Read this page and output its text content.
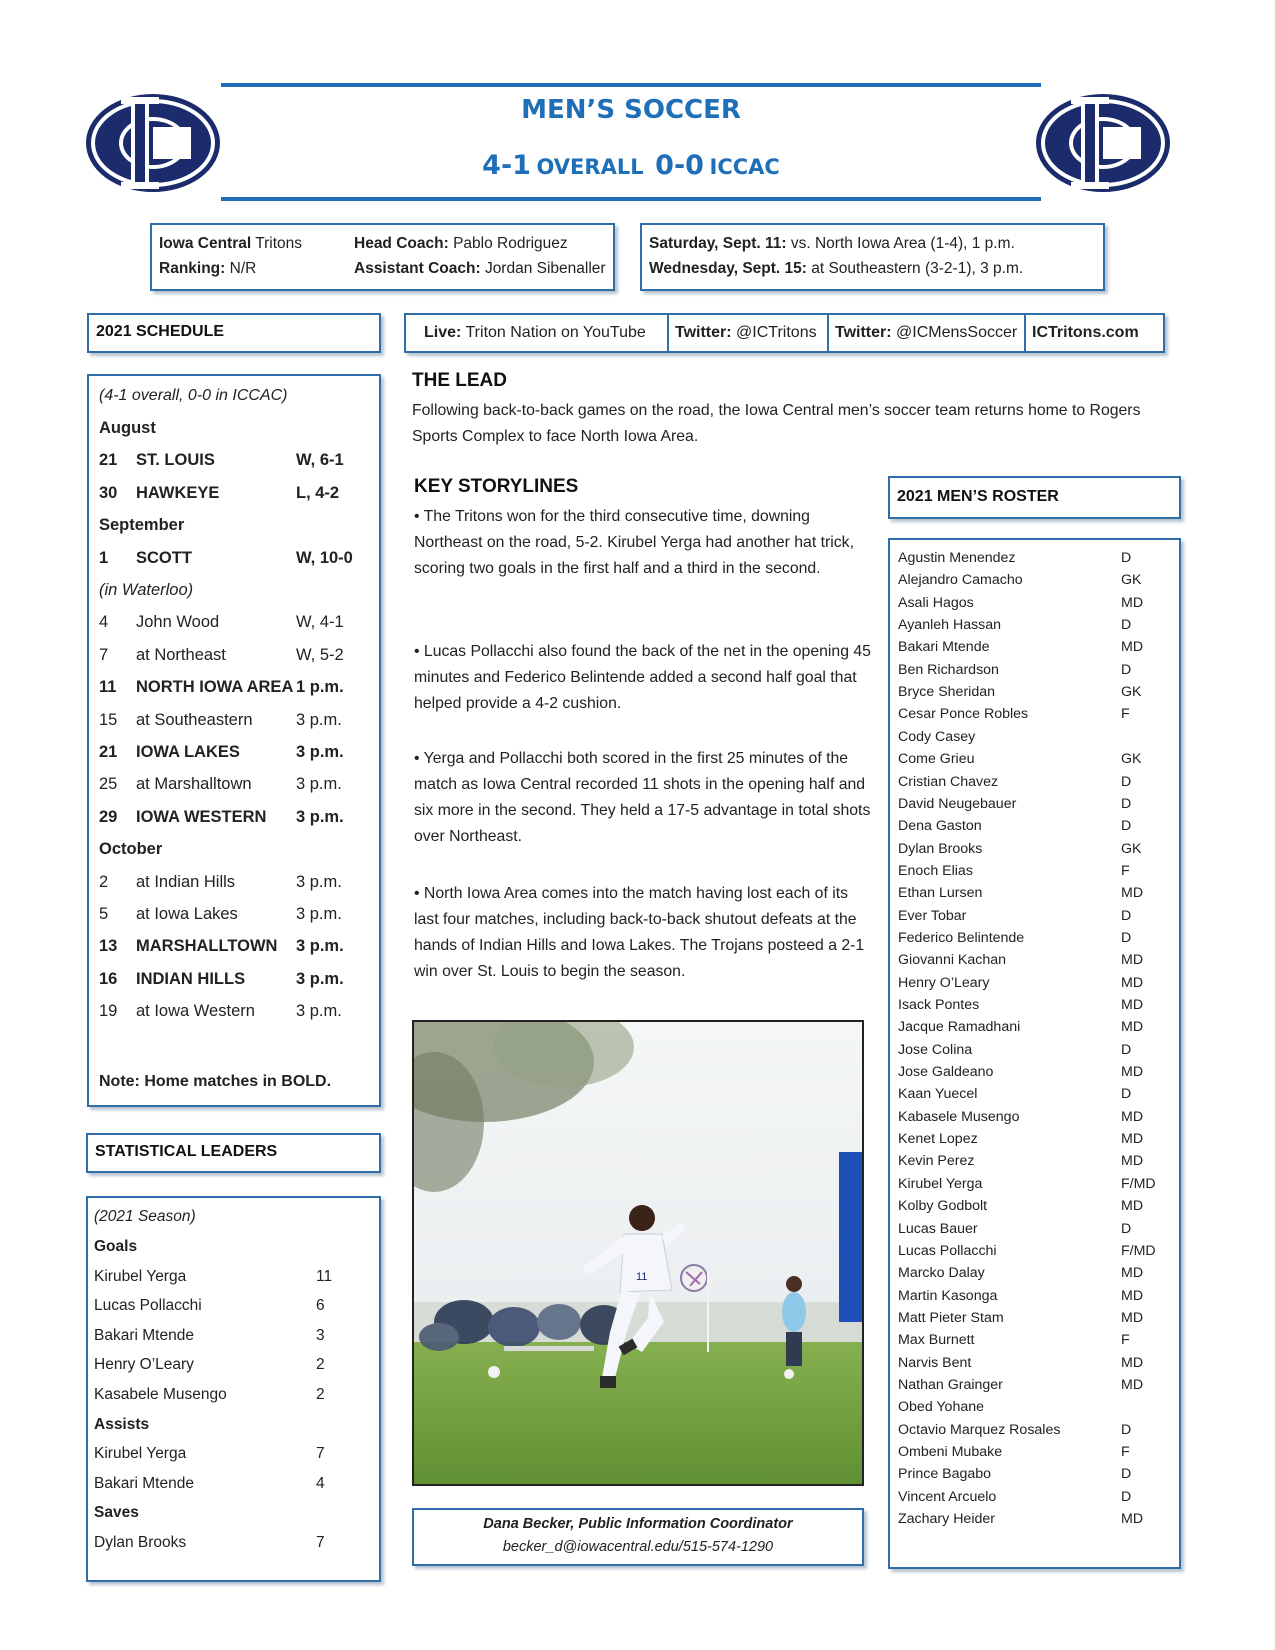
MEN’S SOCCER
4-1 OVERALL 0-0 ICCAC
Iowa Central Tritons
Ranking: N/R
Head Coach: Pablo Rodriguez
Assistant Coach: Jordan Sibenaller
Saturday, Sept. 11: vs. North Iowa Area (1-4), 1 p.m.
Wednesday, Sept. 15: at Southeastern (3-2-1), 3 p.m.
Live: Triton Nation on YouTube	Twitter: @ICTritons	Twitter: @ICMensSoccer ICTritons.com
2021 SCHEDULE
(4-1 overall, 0-0 in ICCAC)
August
21 ST. LOUIS	W, 6-1
30 HAWKEYE	L, 4-2
September
1 SCOTT	W, 10-0
(in Waterloo)
4 John Wood	W, 4-1
7 at Northeast	W, 5-2
11 NORTH IOWA AREA 1 p.m.
15 at Southeastern	3 p.m.
21 IOWA LAKES	3 p.m.
25 at Marshalltown	3 p.m.
29 IOWA WESTERN 3 p.m.
October
2 at Indian Hills	3 p.m.
5 at Iowa Lakes	3 p.m.
13 MARSHALLTOWN 3 p.m.
16 INDIAN HILLS	3 p.m.
19 at Iowa Western 3 p.m.
Note: Home matches in BOLD.
STATISTICAL LEADERS
(2021 Season)
Goals
Kirubel Yerga	11
Lucas Pollacchi	6
Bakari Mtende	3
Henry O’Leary	2
Kasabele Musengo	2
Assists
Kirubel Yerga	7
Bakari Mtende	4
Saves
Dylan Brooks	7
THE LEAD
Following back-to-back games on the road, the Iowa Central men’s soccer team returns home to Rogers Sports Complex to face North Iowa Area.
KEY STORYLINES
• The Tritons won for the third consecutive time, downing Northeast on the road, 5-2. Kirubel Yerga had another hat trick, scoring two goals in the first half and a third in the second.
• Lucas Pollacchi also found the back of the net in the opening 45 minutes and Federico Belintende added a second half goal that helped provide a 4-2 cushion.
• Yerga and Pollacchi both scored in the first 25 minutes of the match as Iowa Central recorded 11 shots in the opening half and six more in the second. They held a 17-5 advantage in total shots over Northeast.
• North Iowa Area comes into the match having lost each of its last four matches, including back-to-back shutout defeats at the hands of Indian Hills and Iowa Lakes. The Trojans posteed a 2-1 win over St. Louis to begin the season.
11
Dana Becker, Public Information Coordinator
becker_d@iowacentral.edu/515-574-1290
2021 MEN’S ROSTER
Agustin Menendez	D
Alejandro Camacho	GK
Asali Hagos	MD
Ayanleh Hassan	D
Bakari Mtende	MD
Ben Richardson	D
Bryce Sheridan	GK
Cesar Ponce Robles	F
Cody Casey
Come Grieu	GK
Cristian Chavez	D
David Neugebauer	D
Dena Gaston	D
Dylan Brooks	GK
Enoch Elias	F
Ethan Lursen	MD
Ever Tobar	D
Federico Belintende	D
Giovanni Kachan	MD
Henry O’Leary	MD
Isack Pontes	MD
Jacque Ramadhani	MD
Jose Colina	D
Jose Galdeano	MD
Kaan Yuecel	D
Kabasele Musengo	MD
Kenet Lopez	MD
Kevin Perez	MD
Kirubel Yerga	F/MD
Kolby Godbolt	MD
Lucas Bauer	D
Lucas Pollacchi	F/MD
Marcko Dalay	MD
Martin Kasonga	MD
Matt Pieter Stam	MD
Max Burnett	F
Narvis Bent	MD
Nathan Grainger	MD
Obed Yohane
Octavio Marquez Rosales	D
Ombeni Mubake	F
Prince Bagabo	D
Vincent Arcuelo	D
Zachary Heider	MD
